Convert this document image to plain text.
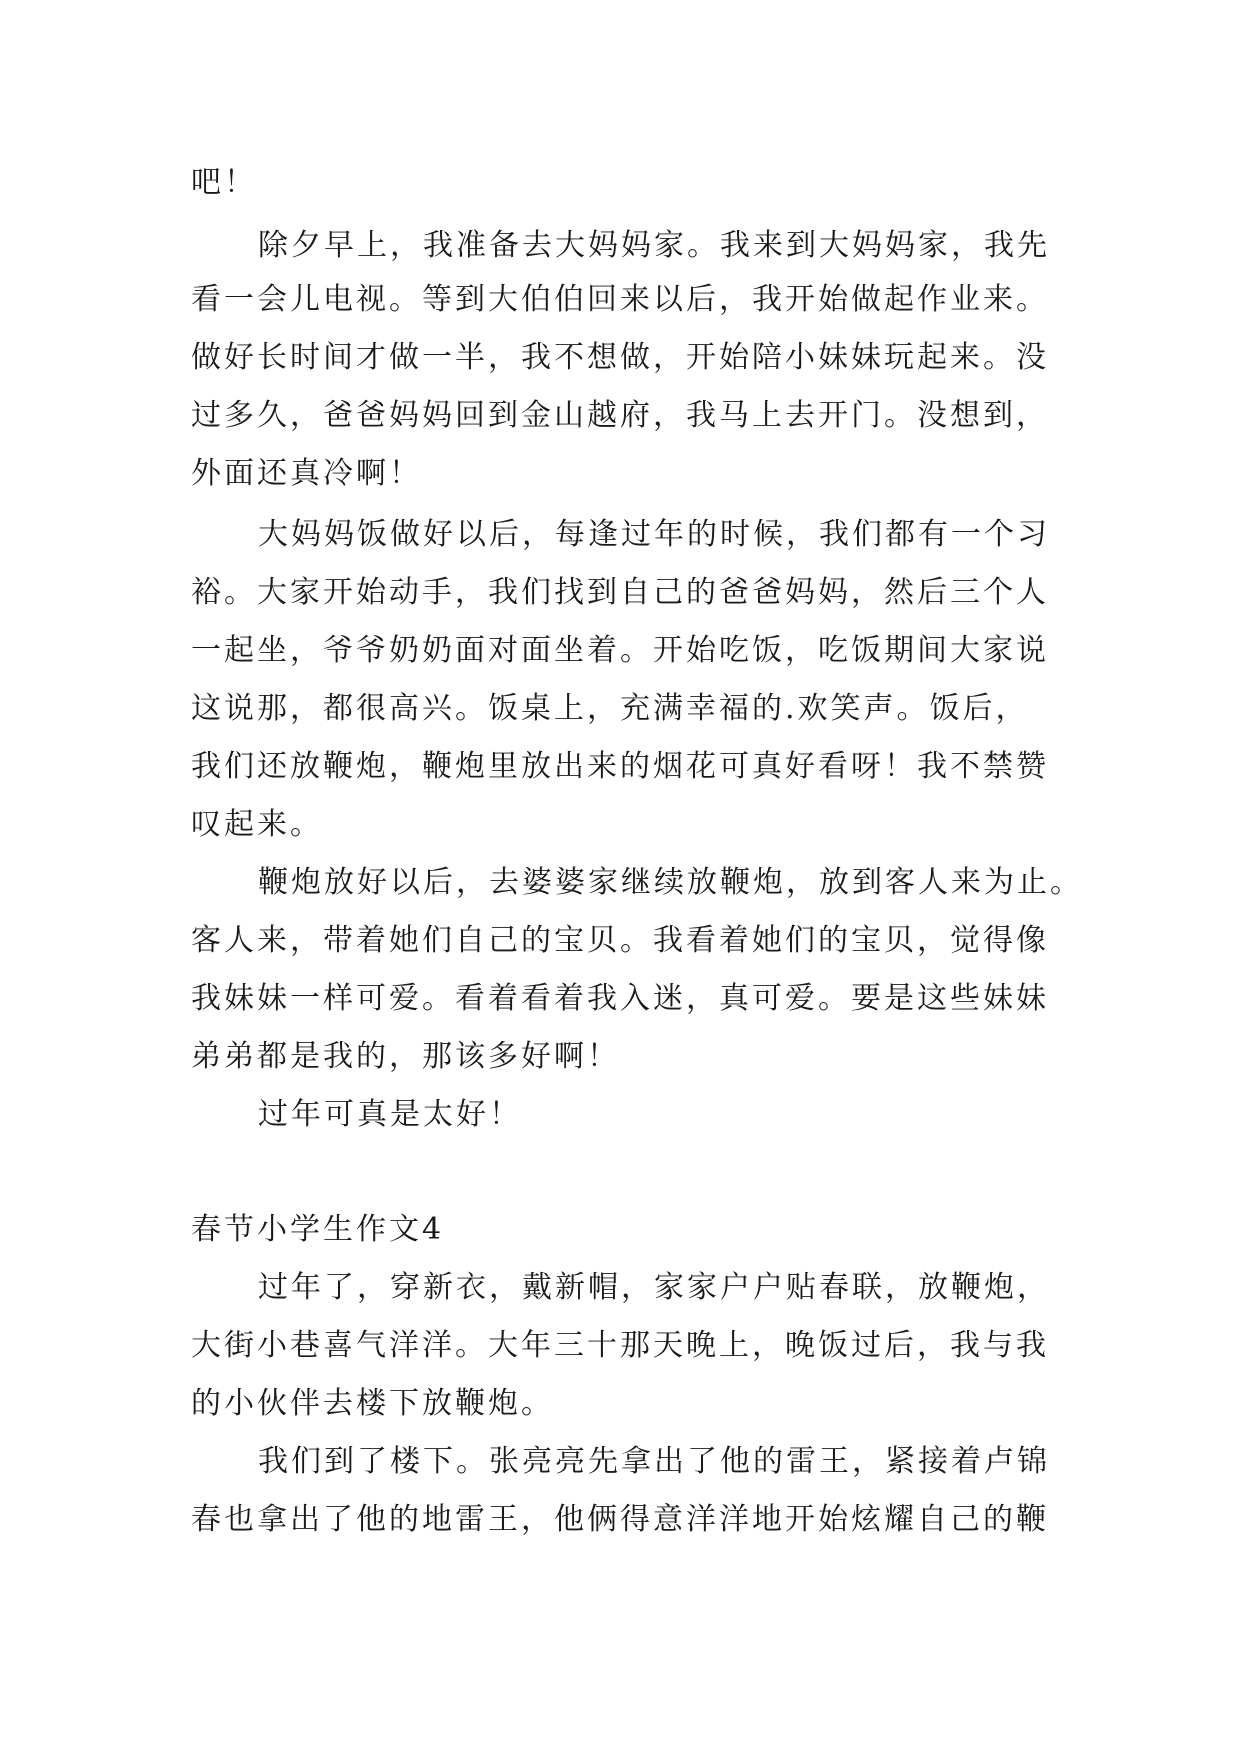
吧！
除夕早上，我准备去大妈妈家。我来到大妈妈家，我先
看一会儿电视。等到大伯伯回来以后，我开始做起作业来。
做好长时间才做一半，我不想做，开始陪小妹妹玩起来。没
过多久，爸爸妈妈回到金山越府，我马上去开门。没想到，
外面还真冷啊！
大妈妈饭做好以后，每逢过年的时候，我们都有一个习
裕。大家开始动手，我们找到自己的爸爸妈妈，然后三个人
一起坐，爷爷奶奶面对面坐着。开始吃饭，吃饭期间大家说
这说那，都很高兴。饭桌上，充满幸福的.欢笑声。饭后，
我们还放鞭炮，鞭炮里放出来的烟花可真好看呀！我不禁赞
叹起来。
鞭炮放好以后，去婆婆家继续放鞭炮，放到客人来为止。
客人来，带着她们自己的宝贝。我看着她们的宝贝，觉得像
我妹妹一样可爱。看着看着我入迷，真可爱。要是这些妹妹
弟弟都是我的，那该多好啊！
过年可真是太好！
春节小学生作文4
过年了，穿新衣，戴新帽，家家户户贴春联，放鞭炮，
大街小巷喜气洋洋。大年三十那天晚上，晚饭过后，我与我
的小伙伴去楼下放鞭炮。
我们到了楼下。张亮亮先拿出了他的雷王，紧接着卢锦
春也拿出了他的地雷王，他俩得意洋洋地开始炫耀自己的鞭
